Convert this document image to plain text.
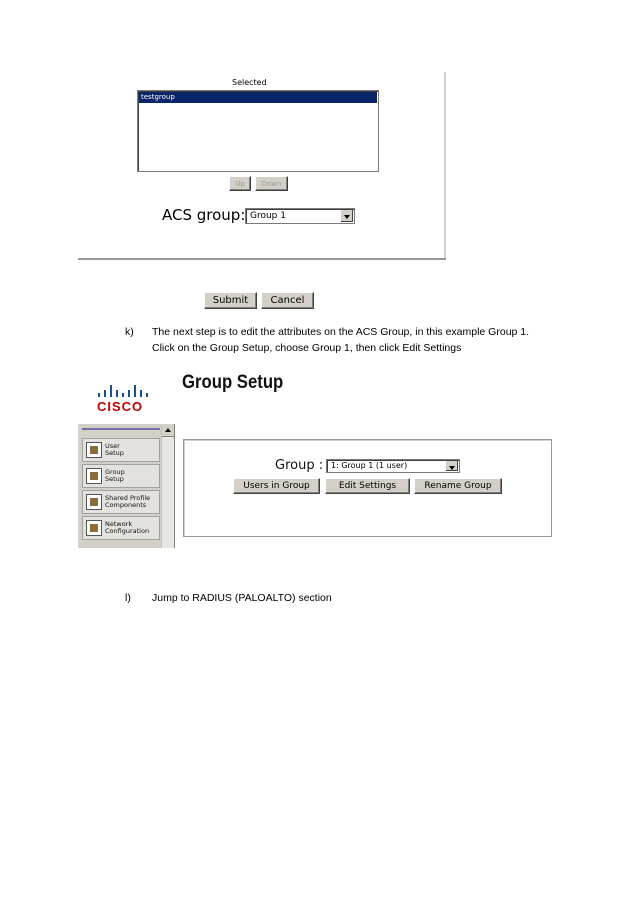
Selected
testgroup
Up	Down
ACS group: Group 1
Submit	Cancel
k) The next step is to edit the attributes on the ACS Group, in this example Group 1.
Click on the Group Setup, choose Group 1, then click Edit Settings
CISCO
Group Setup
User
Setup
Group
Setup
Shared Profile
Components
Network
Configuration
Group : 1: Group 1 (1 user)
Users in Group	Edit Settings	Rename Group
l) Jump to RADIUS (PALOALTO) section
